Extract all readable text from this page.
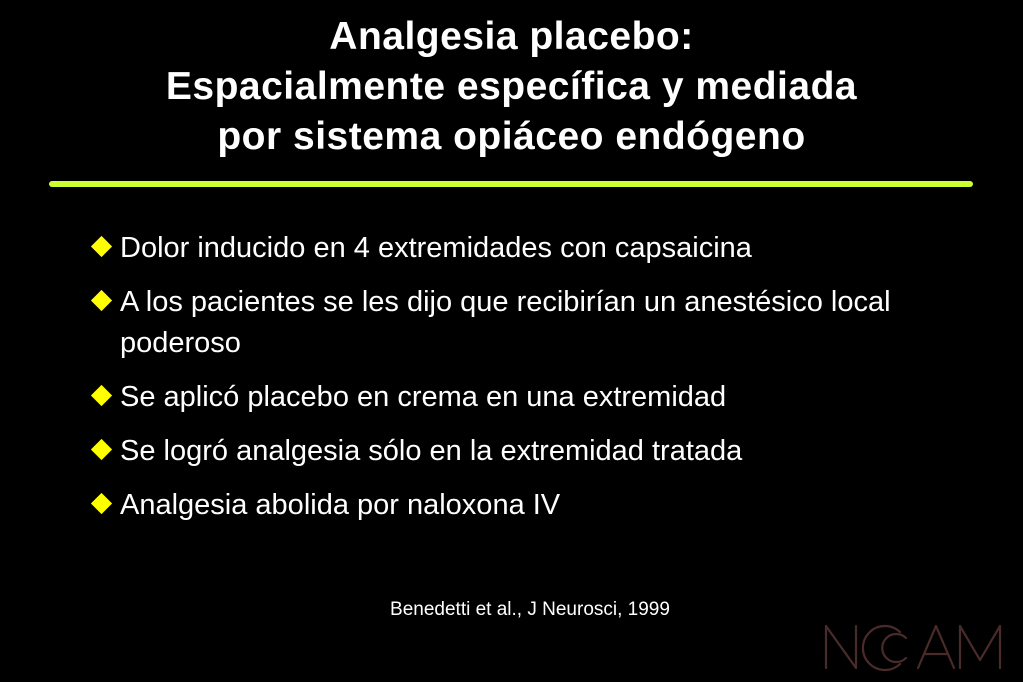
Analgesia placebo:
Espacialmente específica y mediada
por sistema opiáceo endógeno
Dolor inducido en 4 extremidades con capsaicina
A los pacientes se les dijo que recibirían un anestésico local poderoso
Se aplicó placebo en crema en una extremidad
Se logró analgesia sólo en la extremidad tratada
Analgesia abolida por naloxona IV
Benedetti et al., J Neurosci, 1999
